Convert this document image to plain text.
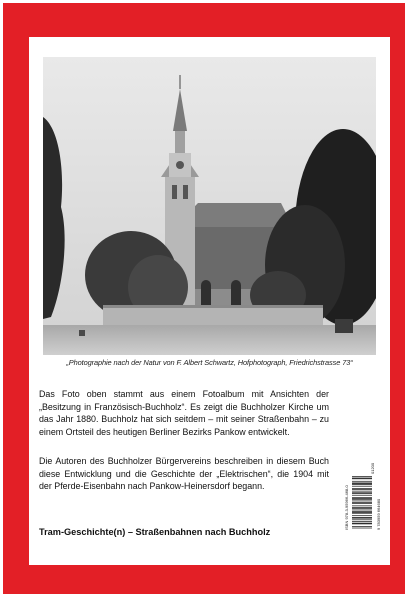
„Photographie nach der Natur von F. Albert Schwartz, Hofphotograph, Friedrichstrasse 73“
Das Foto oben stammt aus einem Fotoalbum mit Ansichten der „Besitzung in Französisch-Buchholz“. Es zeigt die Buchholzer Kirche um das Jahr 1880. Buchholz hat sich seitdem – mit seiner Straßenbahn – zu einem Ortsteil des heutigen Berliner Bezirks Pankow entwickelt.
Die Autoren des Buchholzer Bürgervereins beschreiben in diesem Buch diese Entwicklung und die Geschichte der „Elektrischen“, die 1904 mit der Pferde-Eisenbahn nach Pankow-Heinersdorf begann.	ISBN 978-3-95966-468-0	9 783959 664680
01200
Tram-Geschichte(n) – Straßenbahnen nach Buchholz
